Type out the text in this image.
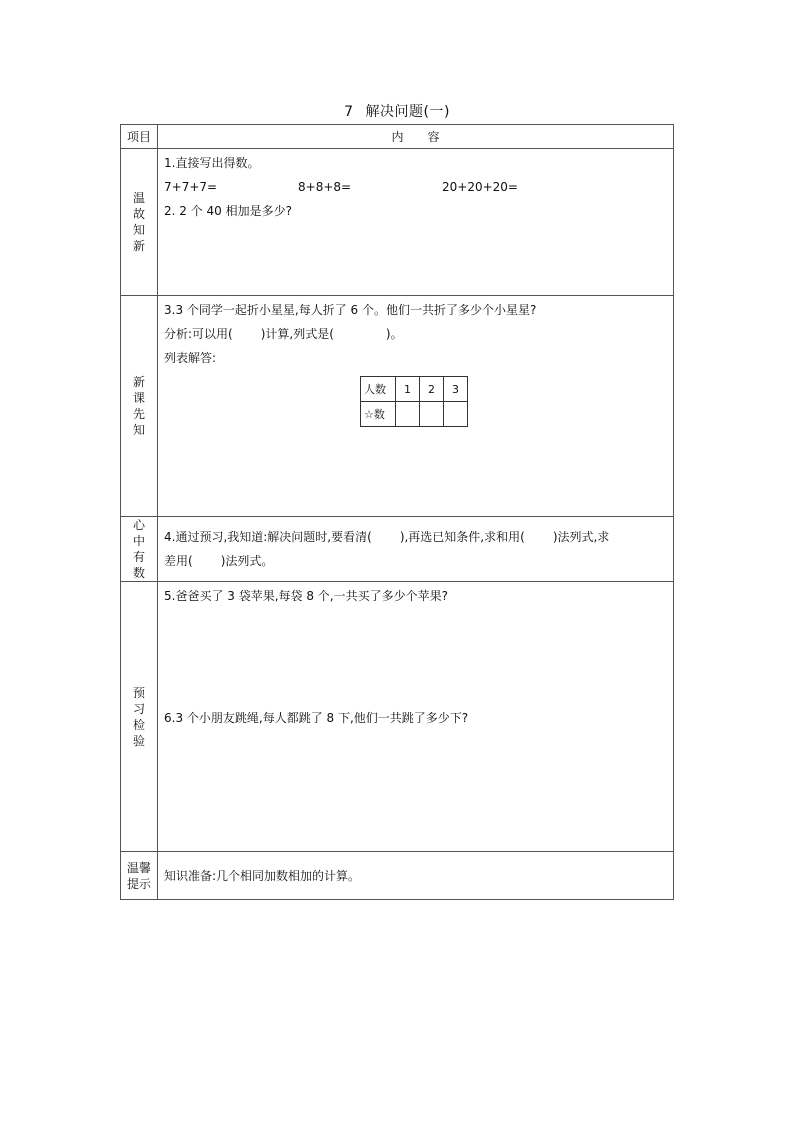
7 解决问题(一)
项目	内　　容
温故知新	
1.直接写出得数。
7+7+7=	8+8+8=	20+20+20=
2. 2 个 40 相加是多少?

新课先知	
3.3 个同学一起折小星星,每人折了 6 个。他们一共折了多少个小星星?
分析:可以用( )计算,列式是(	)。
列表解答:
人数	1	2	3
☆数			

心中有数	
4.通过预习,我知道:解决问题时,要看清( ),再选已知条件,求和用( )法列式,求
差用( )法列式。

预习检验	
5.爸爸买了 3 袋苹果,每袋 8 个,一共买了多少个苹果?
6.3 个小朋友跳绳,每人都跳了 8 下,他们一共跳了多少下?

温馨提示	
知识准备:几个相同加数相加的计算。
